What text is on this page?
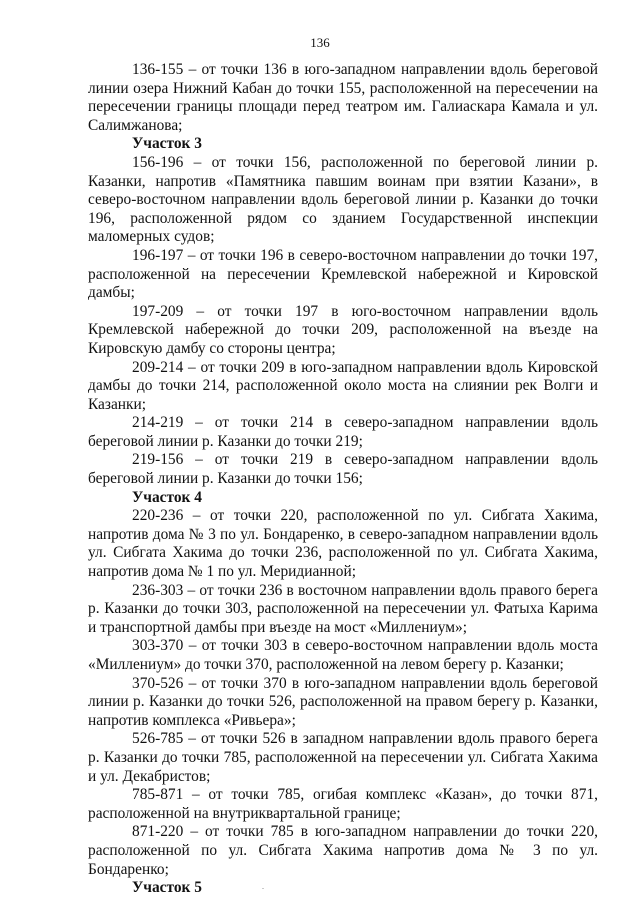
136

136-155 – от точки 136 в юго-западном направлении вдоль береговой линии озера Нижний Кабан до точки 155, расположенной на пересечении на пересечении границы площади перед театром им. Галиаскара Камала и ул. Салимжанова;

Участок 3

156-196 – от точки 156, расположенной по береговой линии р. Казанки, напротив «Памятника павшим воинам при взятии Казани», в северо-восточном направлении вдоль береговой линии р. Казанки до точки 196, расположенной рядом со зданием Государственной инспекции маломерных судов;

196-197 – от точки 196 в северо-восточном направлении до точки 197, расположенной на пересечении Кремлевской набережной и Кировской дамбы;

197-209 – от точки 197 в юго-восточном направлении вдоль Кремлевской набережной до точки 209, расположенной на въезде на Кировскую дамбу со стороны центра;

209-214 – от точки 209 в юго-западном направлении вдоль Кировской дамбы до точки 214, расположенной около моста на слиянии рек Волги и Казанки;

214-219 – от точки 214 в северо-западном направлении вдоль береговой линии р. Казанки до точки 219;

219-156 – от точки 219 в северо-западном направлении вдоль береговой линии р. Казанки до точки 156;

Участок 4

220-236 – от точки 220, расположенной по ул. Сибгата Хакима, напротив дома № 3 по ул. Бондаренко, в северо-западном направлении вдоль ул. Сибгата Хакима до точки 236, расположенной по ул. Сибгата Хакима, напротив дома № 1 по ул. Меридианной;

236-303 – от точки 236 в восточном направлении вдоль правого берега р. Казанки до точки 303, расположенной на пересечении ул. Фатыха Карима и транспортной дамбы при въезде на мост «Миллениум»;

303-370 – от точки 303 в северо-восточном направлении вдоль моста «Миллениум» до точки 370, расположенной на левом берегу р. Казанки;

370-526 – от точки 370 в юго-западном направлении вдоль береговой линии р. Казанки до точки 526, расположенной на правом берегу р. Казанки, напротив комплекса «Ривьера»;

526-785 – от точки 526 в западном направлении вдоль правого берега р. Казанки до точки 785, расположенной на пересечении ул. Сибгата Хакима и ул. Декабристов;

785-871 – от точки 785, огибая комплекс «Казан», до точки 871, расположенной на внутриквартальной границе;

871-220 – от точки 785 в юго-западном направлении до точки 220, расположенной по ул. Сибгата Хакима напротив дома № 3 по ул. Бондаренко;

Участок 5	.
